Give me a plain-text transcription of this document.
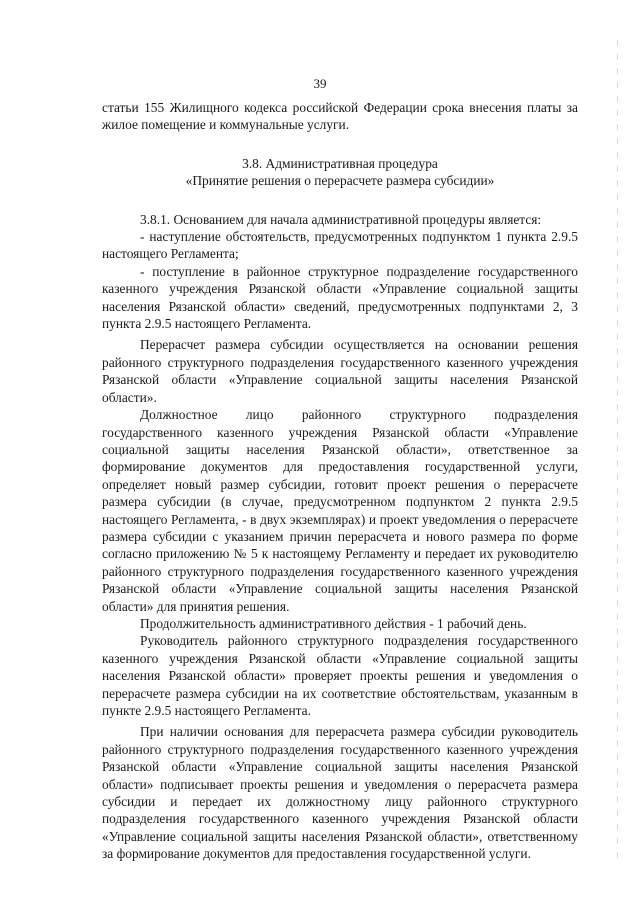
39

статьи 155 Жилищного кодекса российской Федерации срока внесения платы за жилое помещение и коммунальные услуги.

3.8. Административная процедура

«Принятие решения о перерасчете размера субсидии»

3.8.1. Основанием для начала административной процедуры является:

- наступление обстоятельств, предусмотренных подпунктом 1 пункта 2.9.5 настоящего Регламента;

- поступление в районное структурное подразделение государственного казенного учреждения Рязанской области «Управление социальной защиты населения Рязанской области» сведений, предусмотренных подпунктами 2, 3 пункта 2.9.5 настоящего Регламента.

Перерасчет размера субсидии осуществляется на основании решения районного структурного подразделения государственного казенного учреждения Рязанской области «Управление социальной защиты населения Рязанской области».

Должностное лицо районного структурного подразделения государственного казенного учреждения Рязанской области «Управление социальной защиты населения Рязанской области», ответственное за формирование документов для предоставления государственной услуги, определяет новый размер субсидии, готовит проект решения о перерасчете размера субсидии (в случае, предусмотренном подпунктом 2 пункта 2.9.5 настоящего Регламента, - в двух экземплярах) и проект уведомления о перерасчете размера субсидии с указанием причин перерасчета и нового размера по форме согласно приложению № 5 к настоящему Регламенту и передает их руководителю районного структурного подразделения государственного казенного учреждения Рязанской области «Управление социальной защиты населения Рязанской области» для принятия решения.

Продолжительность административного действия - 1 рабочий день.

Руководитель районного структурного подразделения государственного казенного учреждения Рязанской области «Управление социальной защиты населения Рязанской области» проверяет проекты решения и уведомления о перерасчете размера субсидии на их соответствие обстоятельствам, указанным в пункте 2.9.5 настоящего Регламента.

При наличии основания для перерасчета размера субсидии руководитель районного структурного подразделения государственного казенного учреждения Рязанской области «Управление социальной защиты населения Рязанской области» подписывает проекты решения и уведомления о перерасчета размера субсидии и передает их должностному лицу районного структурного подразделения государственного казенного учреждения Рязанской области «Управление социальной защиты населения Рязанской области», ответственному за формирование документов для предоставления государственной услуги.
